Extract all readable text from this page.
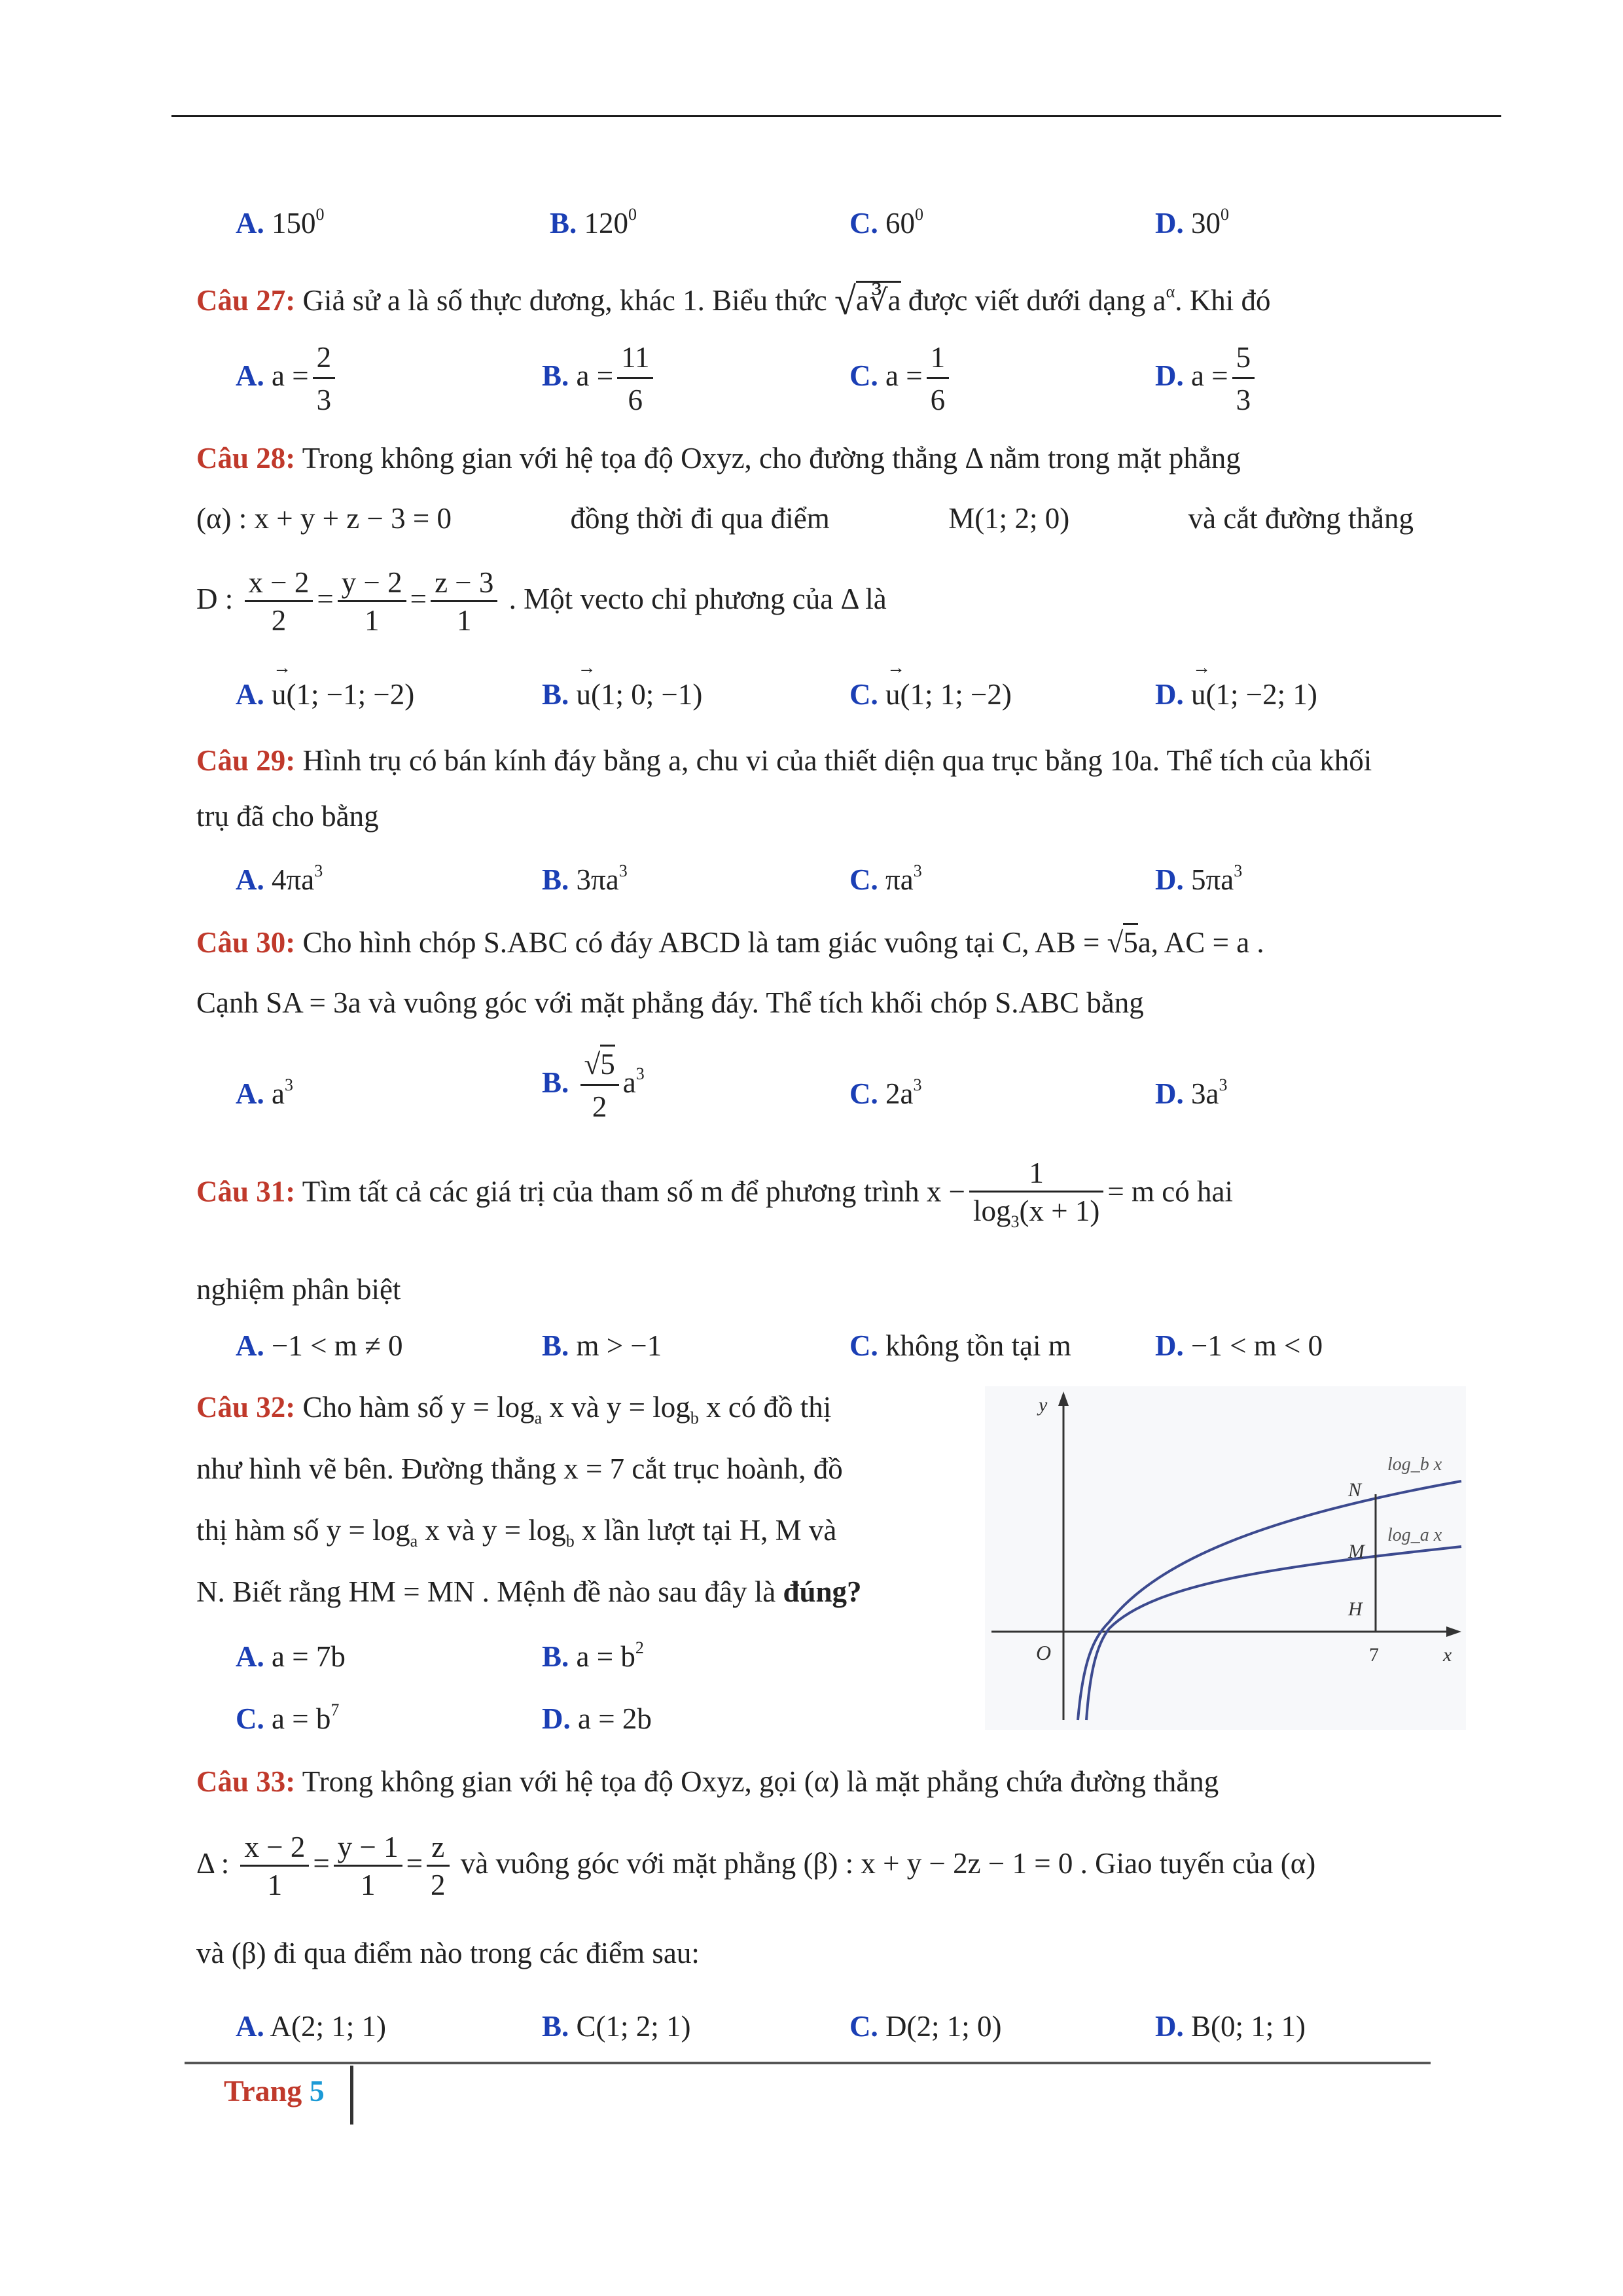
A. $150^0$	B. $120^0$	C. $60^0$	D. $30^0$
Câu 27: Giả sử a là số thực dương, khác 1. Biểu thức √a∛a được viết dưới dạng $a^\alpha$. Khi đó
A. $a = \frac{2}{3}$	B. $a = \frac{11}{6}$	C. $a = \frac{1}{6}$	D. $a = \frac{5}{3}$
Câu 28: Trong không gian với hệ tọa độ Oxyz, cho đường thẳng Δ nằm trong mặt phẳng
(α) : x + y + z − 3 = 0	đồng thời đi qua điểm	M(1; 2; 0)	và cắt đường thẳng
D : $\frac{x - 2}{2} = \frac{y - 2}{1} = \frac{z - 3}{1}$ . Một vecto chỉ phương của Δ là
A. → u(1; −1; −2)	B. → u(1; 0; −1)	C. → u(1; 1; −2)	D. → u(1; −2; 1)
Câu 29: Hình trụ có bán kính đáy bằng a, chu vi của thiết diện qua trục bằng 10a. Thể tích của khối
trụ đã cho bằng
A. $4\pi a^3$	B. $3\pi a^3$	C. $\pi a^3$	D. $5\pi a^3$
Câu 30: Cho hình chóp S.ABC có đáy ABCD là tam giác vuông tại C, AB = √5a, AC = a .
Cạnh SA = 3a và vuông góc với mặt phẳng đáy. Thể tích khối chóp S.ABC bằng
A. $a^3$	B. $\frac{√5}{2} a^3$
C. $2a^3$	D. $3a^3$
Câu 31: Tìm tất cả các giá trị của tham số m để phương trình $x - \frac{1}{\log_3(x + 1)} = m$ có hai
nghiệm phân biệt
A. −1 < m ≠ 0	B. m > −1	C. không tồn tại m	D. −1 < m < 0
Câu 32: Cho hàm số $y = \log_a x$ và $y = \log_b x$ có đồ thị
như hình vẽ bên. Đường thẳng x = 7 cắt trục hoành, đồ
thị hàm số $y = \log_a x$ và $y = \log_b x$ lần lượt tại H, M và
N. Biết rằng HM = MN . Mệnh đề nào sau đây là đúng?
A. a = 7b	B. $a = b^2$
C. $a = b^7$	D. a = 2b
y
x
O	7
N
M
H
log_b x
log_a x
Câu 33: Trong không gian với hệ tọa độ Oxyz, gọi (α) là mặt phẳng chứa đường thẳng
Δ : $\frac{x - 2}{1} = \frac{y - 1}{1} = \frac{z}{2}$ và vuông góc với mặt phẳng (β) : x + y − 2z − 1 = 0 . Giao tuyến của (α)
và (β) đi qua điểm nào trong các điểm sau:
A. A(2; 1; 1)	B. C(1; 2; 1)	C. D(2; 1; 0)	D. B(0; 1; 1)
Trang 5
